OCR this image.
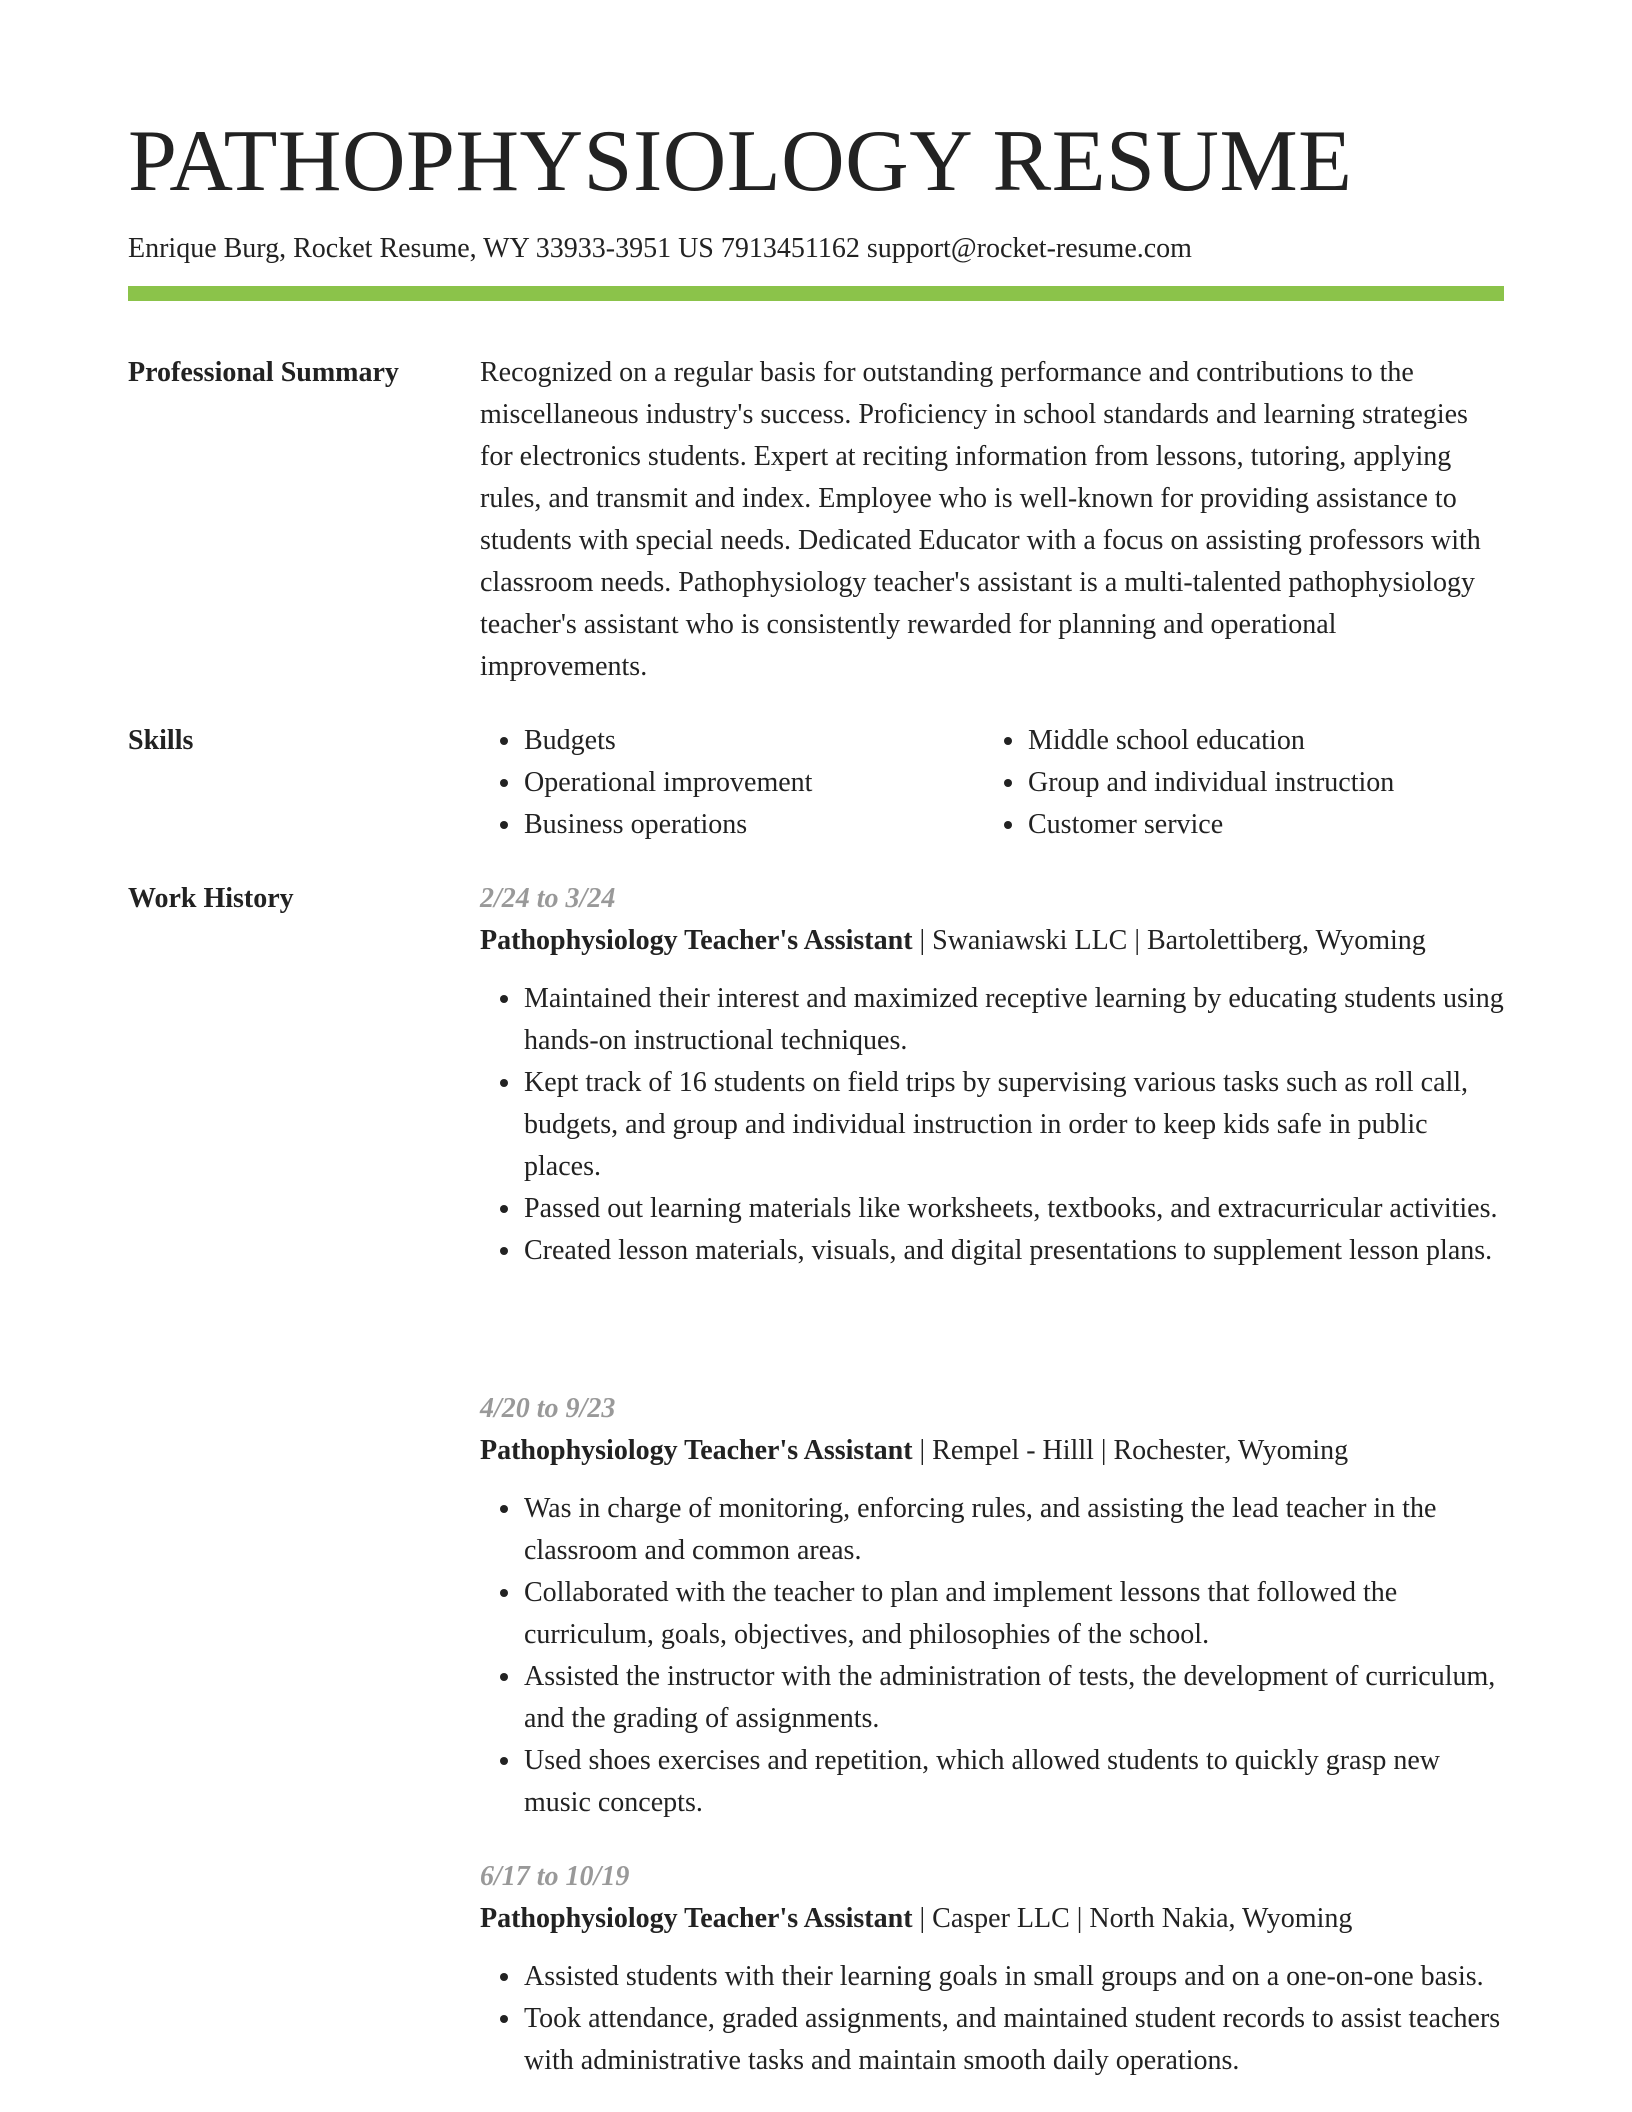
PATHOPHYSIOLOGY RESUME
Enrique Burg, Rocket Resume, WY 33933-3951 US 7913451162 support@rocket-resume.com
Professional Summary	Recognized on a regular basis for outstanding performance and contributions to the miscellaneous industry's success. Proficiency in school standards and learning strategies for electronics students. Expert at reciting information from lessons, tutoring, applying rules, and transmit and index. Employee who is well-known for providing assistance to students with special needs. Dedicated Educator with a focus on assisting professors with classroom needs. Pathophysiology teacher's assistant is a multi-talented pathophysiology teacher's assistant who is consistently rewarded for planning and operational improvements.

Skills	Budgets
Operational improvement
Business operations
Middle school education
Group and individual instruction
Customer service
Work History	2/24 to 3/24
Pathophysiology Teacher's Assistant | Swaniawski LLC | Bartolettiberg, Wyoming
Maintained their interest and maximized receptive learning by educating students using hands-on instructional techniques.
Kept track of 16 students on field trips by supervising various tasks such as roll call, budgets, and group and individual instruction in order to keep kids safe in public places.
Passed out learning materials like worksheets, textbooks, and extracurricular activities.
Created lesson materials, visuals, and digital presentations to supplement lesson plans.
4/20 to 9/23
Pathophysiology Teacher's Assistant | Rempel - Hilll | Rochester, Wyoming
Was in charge of monitoring, enforcing rules, and assisting the lead teacher in the classroom and common areas.
Collaborated with the teacher to plan and implement lessons that followed the curriculum, goals, objectives, and philosophies of the school.
Assisted the instructor with the administration of tests, the development of curriculum, and the grading of assignments.
Used shoes exercises and repetition, which allowed students to quickly grasp new music concepts.
6/17 to 10/19
Pathophysiology Teacher's Assistant | Casper LLC | North Nakia, Wyoming
Assisted students with their learning goals in small groups and on a one-on-one basis.
Took attendance, graded assignments, and maintained student records to assist teachers with administrative tasks and maintain smooth daily operations.
